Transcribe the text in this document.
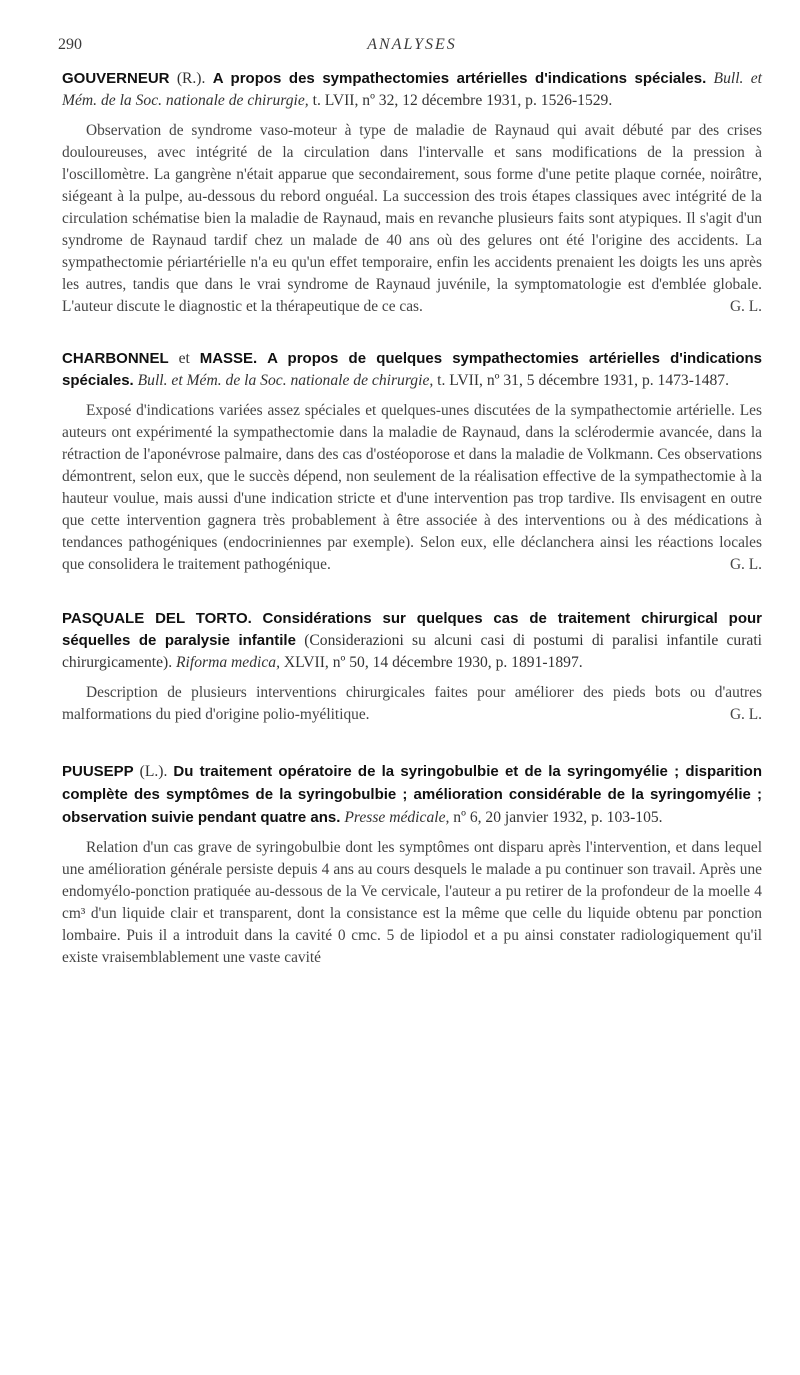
290	ANALYSES

GOUVERNEUR (R.). A propos des sympathectomies artérielles d'indications spéciales. Bull. et Mém. de la Soc. nationale de chirurgie, t. LVII, nº 32, 12 décembre 1931, p. 1526-1529.

Observation de syndrome vaso-moteur à type de maladie de Raynaud qui avait débuté par des crises douloureuses, avec intégrité de la circulation dans l'intervalle et sans modifications de la pression à l'oscillomètre. La gangrène n'était apparue que secondairement, sous forme d'une petite plaque cornée, noirâtre, siégeant à la pulpe, au-dessous du rebord onguéal. La succession des trois étapes classiques avec intégrité de la circulation schématise bien la maladie de Raynaud, mais en revanche plusieurs faits sont atypiques. Il s'agit d'un syndrome de Raynaud tardif chez un malade de 40 ans où des gelures ont été l'origine des accidents. La sympathectomie périartérielle n'a eu qu'un effet temporaire, enfin les accidents prenaient les doigts les uns après les autres, tandis que dans le vrai syndrome de Raynaud juvénile, la symptomatologie est d'emblée globale. L'auteur discute le diagnostic et la thérapeutique de ce cas.	G. L.

CHARBONNEL et MASSE. A propos de quelques sympathectomies artérielles d'indications spéciales. Bull. et Mém. de la Soc. nationale de chirurgie, t. LVII, nº 31, 5 décembre 1931, p. 1473-1487.

Exposé d'indications variées assez spéciales et quelques-unes discutées de la sympathectomie artérielle. Les auteurs ont expérimenté la sympathectomie dans la maladie de Raynaud, dans la sclérodermie avancée, dans la rétraction de l'aponévrose palmaire, dans des cas d'ostéoporose et dans la maladie de Volkmann. Ces observations démontrent, selon eux, que le succès dépend, non seulement de la réalisation effective de la sympathectomie à la hauteur voulue, mais aussi d'une indication stricte et d'une intervention pas trop tardive. Ils envisagent en outre que cette intervention gagnera très probablement à être associée à des interventions ou à des médications à tendances pathogéniques (endocriniennes par exemple). Selon eux, elle déclanchera ainsi les réactions locales que consolidera le traitement pathogénique.	G. L.

PASQUALE DEL TORTO. Considérations sur quelques cas de traitement chirurgical pour séquelles de paralysie infantile (Considerazioni su alcuni casi di postumi di paralisi infantile curati chirurgicamente). Riforma medica, XLVII, nº 50, 14 décembre 1930, p. 1891-1897.

Description de plusieurs interventions chirurgicales faites pour améliorer des pieds bots ou d'autres malformations du pied d'origine polio-myélitique.	G. L.

PUUSEPP (L.). Du traitement opératoire de la syringobulbie et de la syringomyélie ; disparition complète des symptômes de la syringobulbie ; amélioration considérable de la syringomyélie ; observation suivie pendant quatre ans. Presse médicale, nº 6, 20 janvier 1932, p. 103-105.

Relation d'un cas grave de syringobulbie dont les symptômes ont disparu après l'intervention, et dans lequel une amélioration générale persiste depuis 4 ans au cours desquels le malade a pu continuer son travail. Après une endomyélo-ponction pratiquée au-dessous de la Ve cervicale, l'auteur a pu retirer de la profondeur de la moelle 4 cm³ d'un liquide clair et transparent, dont la consistance est la même que celle du liquide obtenu par ponction lombaire. Puis il a introduit dans la cavité 0 cmc. 5 de lipiodol et a pu ainsi constater radiologiquement qu'il existe vraisemblablement une vaste cavité
